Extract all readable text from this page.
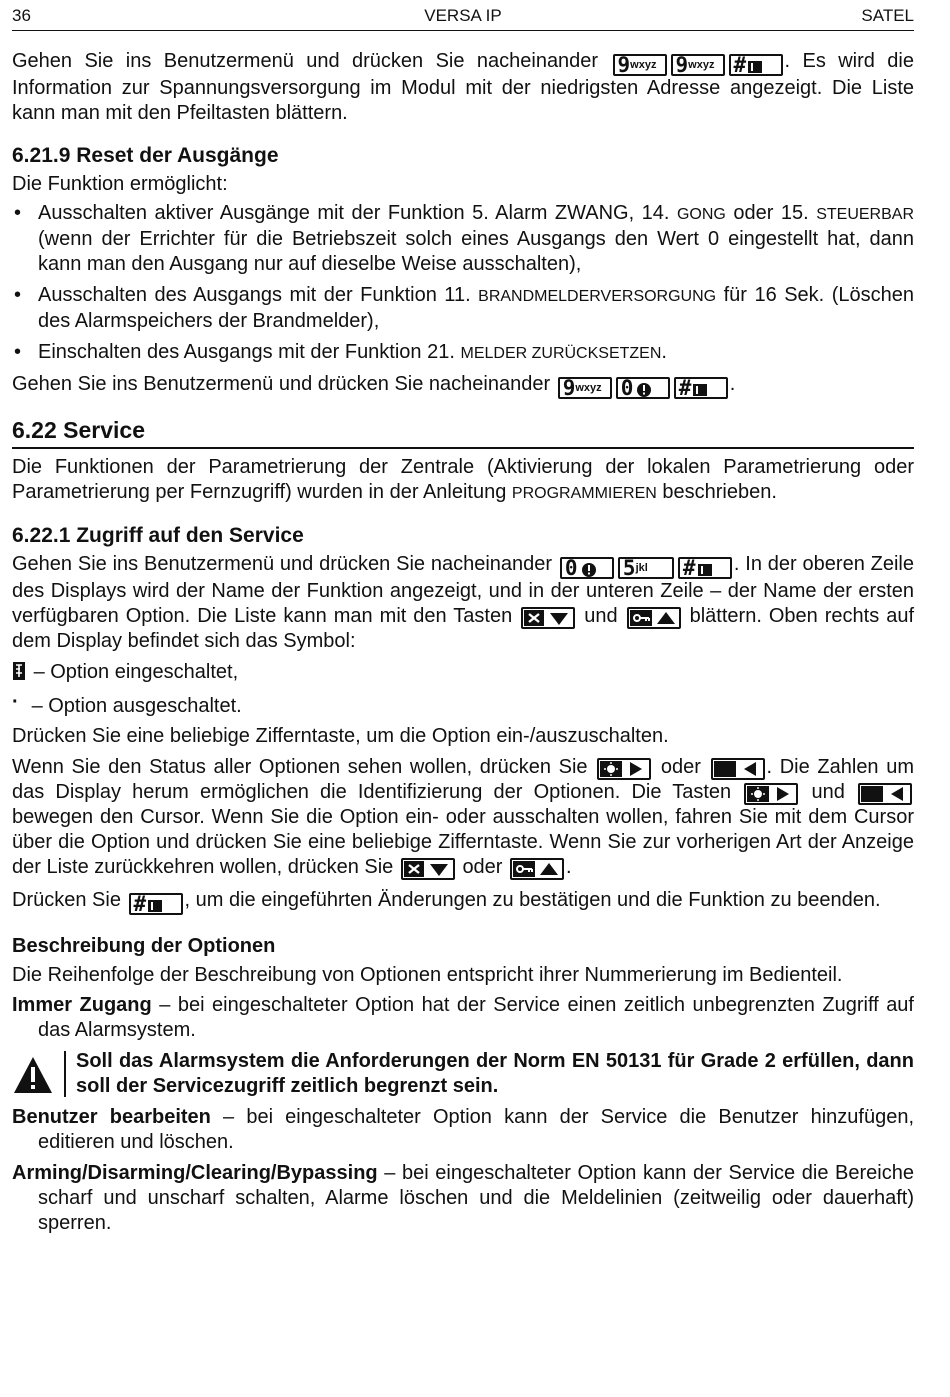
36	VERSA IP	SATEL

Gehen Sie ins Benutzermenü und drücken Sie nacheinander $9^{wxyz}$ $9^{wxyz}$ # . Es wird die Information zur Spannungsversorgung im Modul mit der niedrigsten Adresse angezeigt. Die Liste kann man mit den Pfeiltasten blättern.

6.21.9 Reset der Ausgänge

Die Funktion ermöglicht:

• Ausschalten aktiver Ausgänge mit der Funktion 5. Alarm ZWANG, 14. GONG oder 15. STEUERBAR (wenn der Errichter für die Betriebszeit solch eines Ausgangs den Wert 0 eingestellt hat, dann kann man den Ausgang nur auf dieselbe Weise ausschalten),
• Ausschalten des Ausgangs mit der Funktion 11. BRANDMELDERVERSORGUNG für 16 Sek. (Löschen des Alarmspeichers der Brandmelder),
• Einschalten des Ausgangs mit der Funktion 21. MELDER ZURÜCKSETZEN.

Gehen Sie ins Benutzermenü und drücken Sie nacheinander $9^{wxyz}$ 0 # .

6.22 Service

Die Funktionen der Parametrierung der Zentrale (Aktivierung der lokalen Parametrierung oder Parametrierung per Fernzugriff) wurden in der Anleitung PROGRAMMIEREN beschrieben.

6.22.1 Zugriff auf den Service

Gehen Sie ins Benutzermenü und drücken Sie nacheinander 0 $5^{jkl}$ # . In der oberen Zeile des Displays wird der Name der Funktion angezeigt, und in der unteren Zeile – der Name der ersten verfügbaren Option. Die Liste kann man mit den Tasten	und	blättern. Oben rechts auf dem Display befindet sich das Symbol:

– Option eingeschaltet,

· – Option ausgeschaltet.

Drücken Sie eine beliebige Zifferntaste, um die Option ein-/auszuschalten.

Wenn Sie den Status aller Optionen sehen wollen, drücken Sie	oder	. Die Zahlen um das Display herum ermöglichen die Identifizierung der Optionen. Die Tasten	und  bewegen den Cursor. Wenn Sie die Option ein- oder ausschalten wollen, fahren Sie mit dem Cursor über die Option und drücken Sie eine beliebige Zifferntaste. Wenn Sie zur vorherigen Art der Anzeige der Liste zurückkehren wollen, drücken Sie	oder	.

Drücken Sie # , um die eingeführten Änderungen zu bestätigen und die Funktion zu beenden.

Beschreibung der Optionen

Die Reihenfolge der Beschreibung von Optionen entspricht ihrer Nummerierung im Bedienteil.

Immer Zugang – bei eingeschalteter Option hat der Service einen zeitlich unbegrenzten Zugriff auf das Alarmsystem.

Soll das Alarmsystem die Anforderungen der Norm EN 50131 für Grade 2 erfüllen, dann soll der Servicezugriff zeitlich begrenzt sein.

Benutzer bearbeiten – bei eingeschalteter Option kann der Service die Benutzer hinzufügen, editieren und löschen.

Arming/Disarming/Clearing/Bypassing – bei eingeschalteter Option kann der Service die Bereiche scharf und unscharf schalten, Alarme löschen und die Meldelinien (zeitweilig oder dauerhaft) sperren.
